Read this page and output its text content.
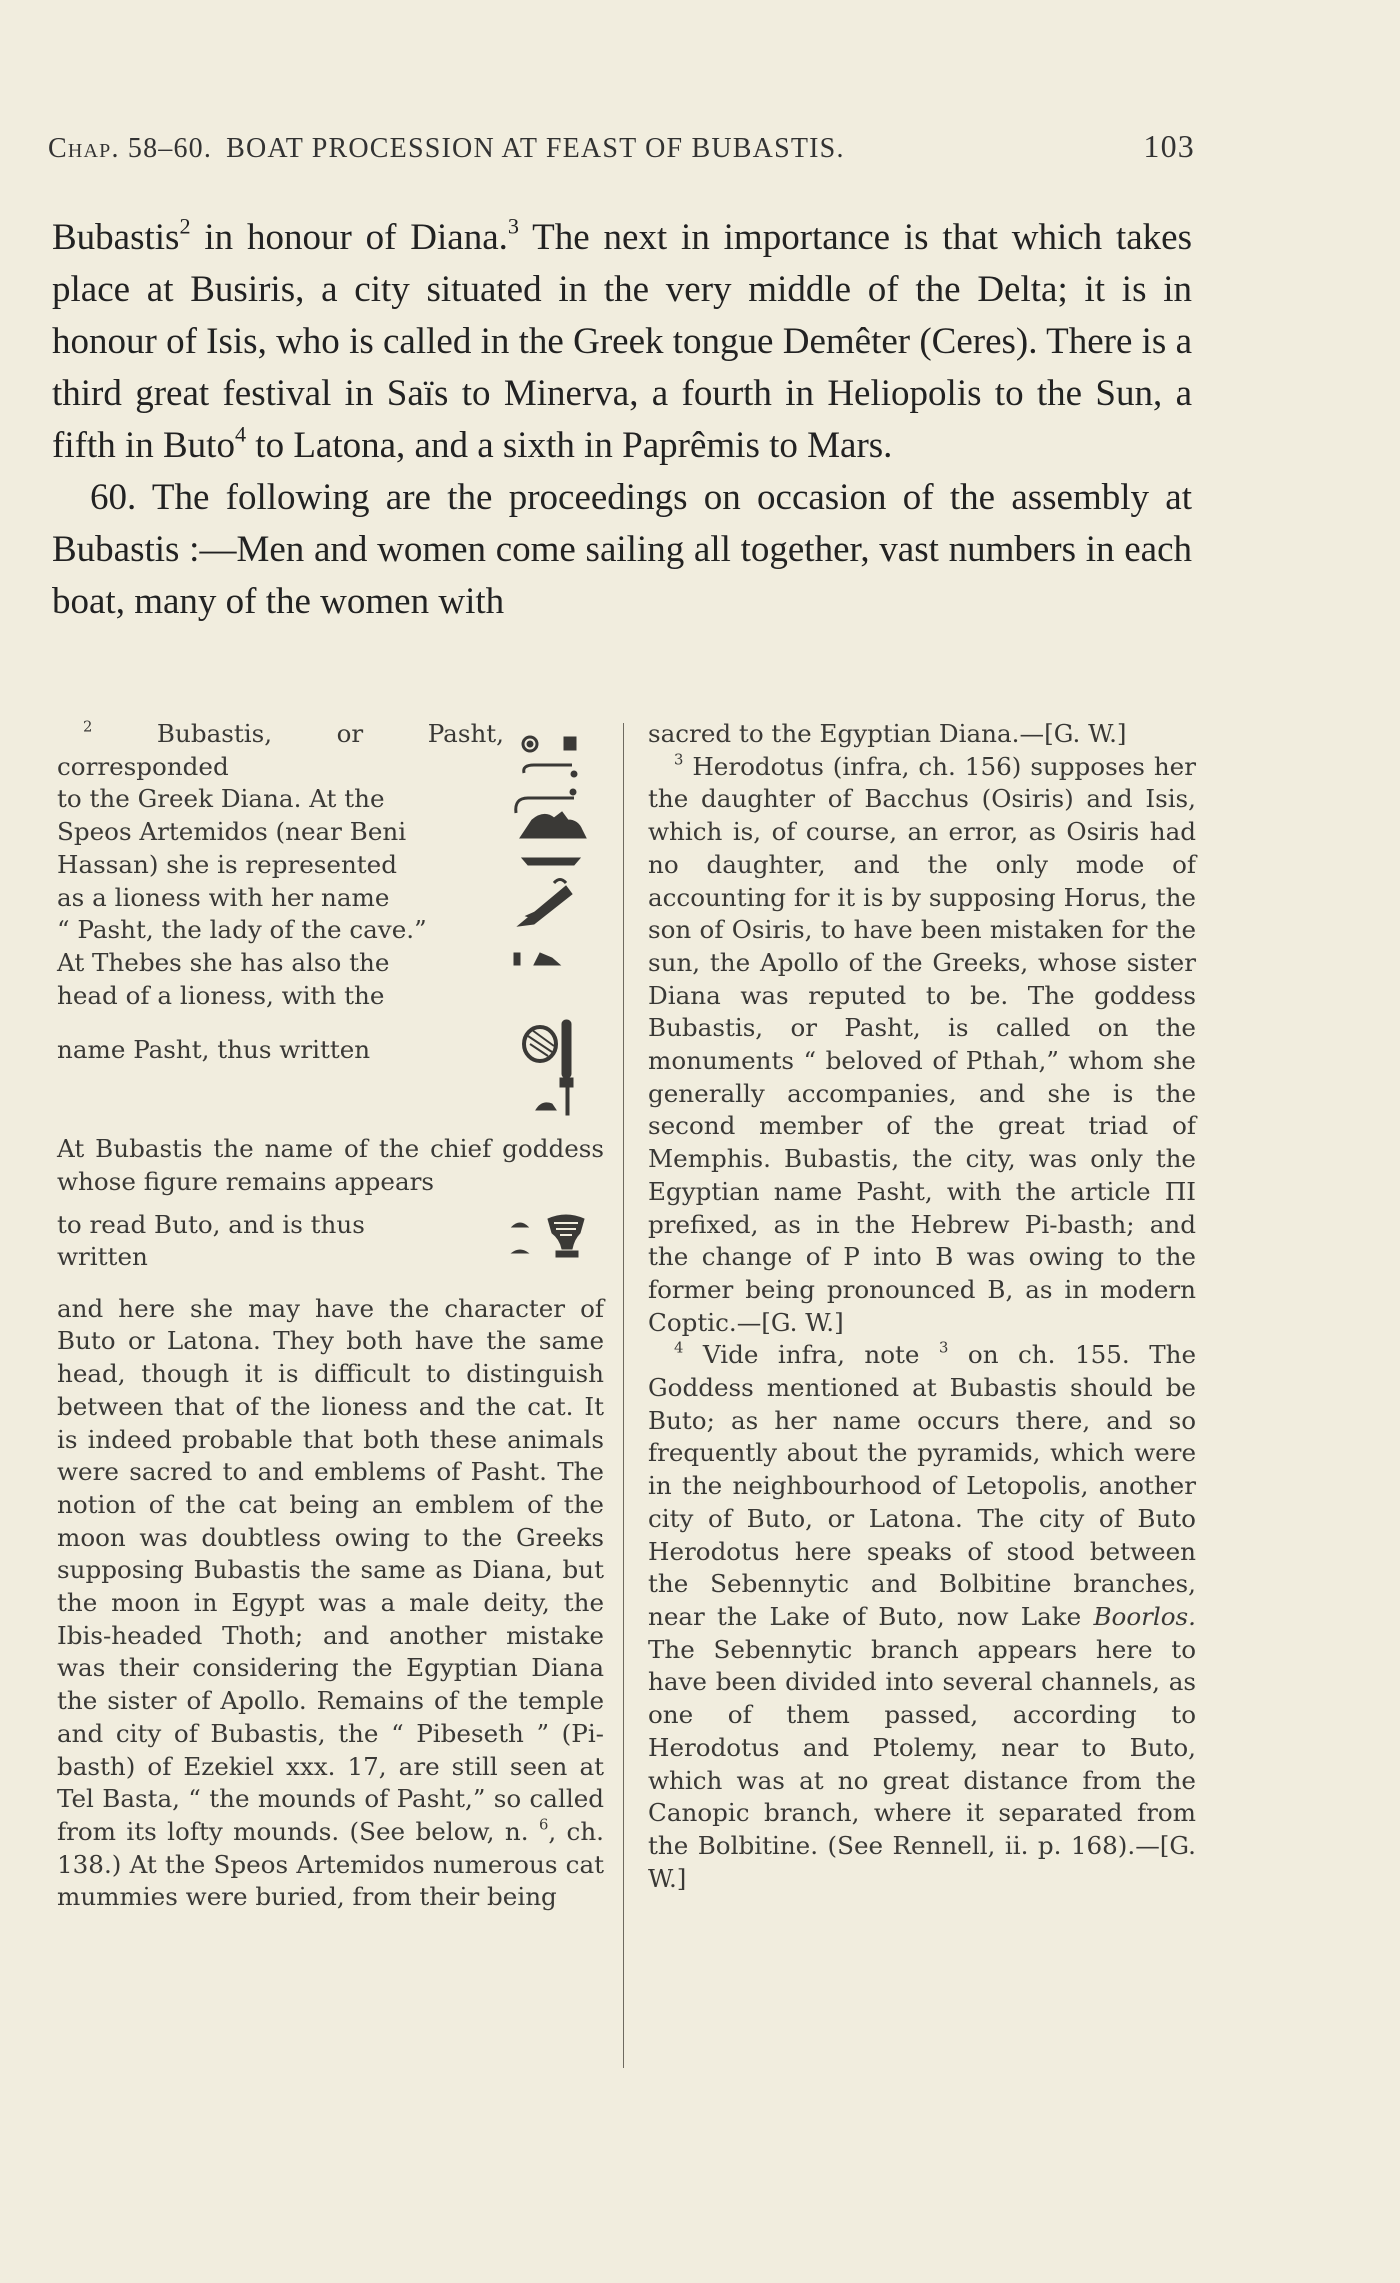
Chap. 58–60. BOAT PROCESSION AT FEAST OF BUBASTIS.	103

Bubastis$^2$ in honour of Diana.$^3$ The next in importance is that which takes place at Busiris, a city situated in the very middle of the Delta; it is in honour of Isis, who is called in the Greek tongue Demêter (Ceres). There is a third great festival in Saïs to Minerva, a fourth in Heliopolis to the Sun, a fifth in Buto$^4$ to Latona, and a sixth in Paprêmis to Mars.

60. The following are the proceedings on occasion of the assembly at Bubastis :—Men and women come sailing all together, vast numbers in each boat, many of the women with

$^2$ Bubastis, or Pasht, corresponded

to the Greek Diana. At the

Speos Artemidos (near Beni

Hassan) she is represented

as a lioness with her name

“ Pasht, the lady of the cave.”

At Thebes she has also the

head of a lioness, with the

name Pasht, thus written

At Bubastis the name of the chief goddess whose figure remains appears

to read Buto, and is thus

written

and here she may have the character of Buto or Latona. They both have the same head, though it is difficult to distinguish between that of the lioness and the cat. It is indeed probable that both these animals were sacred to and emblems of Pasht. The notion of the cat being an emblem of the moon was doubtless owing to the Greeks supposing Bubastis the same as Diana, but the moon in Egypt was a male deity, the Ibis-headed Thoth; and another mistake was their considering the Egyptian Diana the sister of Apollo. Remains of the temple and city of Bubastis, the “ Pibeseth ” (Pi-basth) of Ezekiel xxx. 17, are still seen at Tel Basta, “ the mounds of Pasht,” so called from its lofty mounds. (See below, n. $^6$, ch. 138.) At the Speos Artemidos numerous cat mummies were buried, from their being

sacred to the Egyptian Diana.—[G. W.]

$^3$ Herodotus (infra, ch. 156) supposes her the daughter of Bacchus (Osiris) and Isis, which is, of course, an error, as Osiris had no daughter, and the only mode of accounting for it is by supposing Horus, the son of Osiris, to have been mistaken for the sun, the Apollo of the Greeks, whose sister Diana was reputed to be. The goddess Bubastis, or Pasht, is called on the monuments “ beloved of Pthah,” whom she generally accompanies, and she is the second member of the great triad of Memphis. Bubastis, the city, was only the Egyptian name Pasht, with the article ΠΙ prefixed, as in the Hebrew Pi-basth; and the change of P into B was owing to the former being pronounced B, as in modern Coptic.—[G. W.]

$^4$ Vide infra, note $^3$ on ch. 155. The Goddess mentioned at Bubastis should be Buto; as her name occurs there, and so frequently about the pyramids, which were in the neighbourhood of Letopolis, another city of Buto, or Latona. The city of Buto Herodotus here speaks of stood between the Sebennytic and Bolbitine branches, near the Lake of Buto, now Lake Boorlos. The Sebennytic branch appears here to have been divided into several channels, as one of them passed, according to Herodotus and Ptolemy, near to Buto, which was at no great distance from the Canopic branch, where it separated from the Bolbitine. (See Rennell, ii. p. 168).—[G. W.]
